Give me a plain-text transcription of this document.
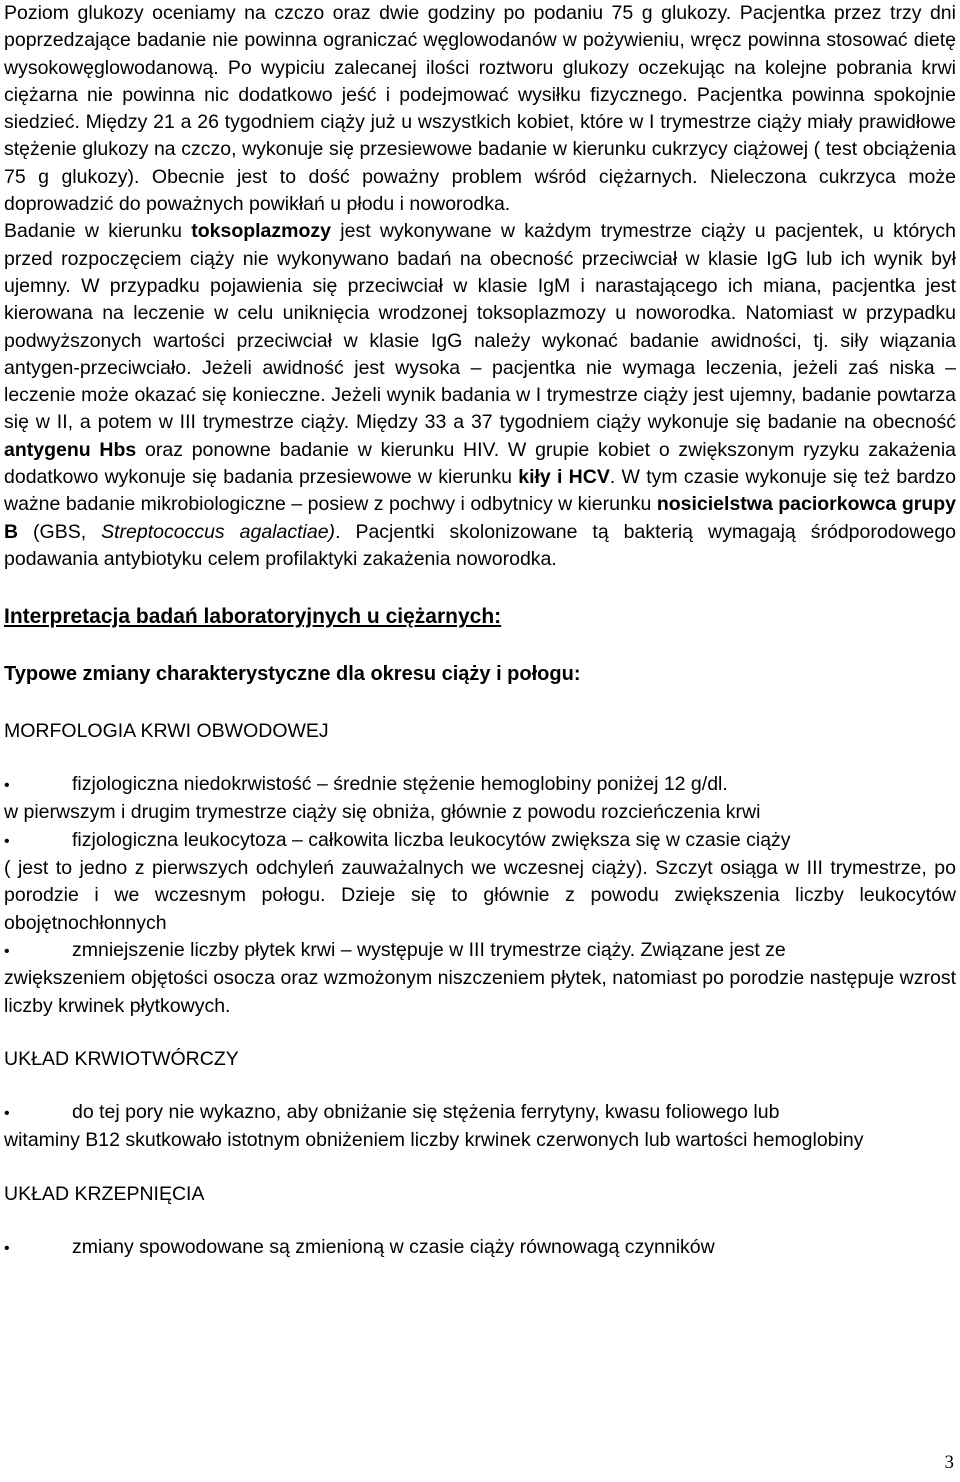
Poziom glukozy oceniamy na czczo oraz dwie godziny po podaniu 75 g glukozy. Pacjentka przez trzy dni poprzedzające badanie nie powinna ograniczać węglowodanów w pożywieniu, wręcz powinna stosować dietę wysokowęglowodanową. Po wypiciu zalecanej ilości roztworu glukozy oczekując na kolejne pobrania krwi ciężarna nie powinna nic dodatkowo jeść i podejmować wysiłku fizycznego. Pacjentka powinna spokojnie siedzieć. Między 21 a 26 tygodniem ciąży już u wszystkich kobiet, które w I trymestrze ciąży miały prawidłowe stężenie glukozy na czczo, wykonuje się przesiewowe badanie w kierunku cukrzycy ciążowej ( test obciążenia 75 g glukozy). Obecnie jest to dość poważny problem wśród ciężarnych. Nieleczona cukrzyca może doprowadzić do poważnych powikłań u płodu i noworodka.

Badanie w kierunku toksoplazmozy jest wykonywane w każdym trymestrze ciąży u pacjentek, u których przed rozpoczęciem ciąży nie wykonywano badań na obecność przeciwciał w klasie IgG lub ich wynik był ujemny. W przypadku pojawienia się przeciwciał w klasie IgM i narastającego ich miana, pacjentka jest kierowana na leczenie w celu uniknięcia wrodzonej toksoplazmozy u noworodka. Natomiast w przypadku podwyższonych wartości przeciwciał w klasie IgG należy wykonać badanie awidności, tj. siły wiązania antygen-przeciwciało. Jeżeli awidność jest wysoka – pacjentka nie wymaga leczenia, jeżeli zaś niska – leczenie może okazać się konieczne. Jeżeli wynik badania w I trymestrze ciąży jest ujemny, badanie powtarza się w II, a potem w III trymestrze ciąży. Między 33 a 37 tygodniem ciąży wykonuje się badanie na obecność antygenu Hbs oraz ponowne badanie w kierunku HIV. W grupie kobiet o zwiększonym ryzyku zakażenia dodatkowo wykonuje się badania przesiewowe w kierunku kiły i HCV. W tym czasie wykonuje się też bardzo ważne badanie mikrobiologiczne – posiew z pochwy i odbytnicy w kierunku nosicielstwa paciorkowca grupy B (GBS, Streptococcus agalactiae). Pacjentki skolonizowane tą bakterią wymagają śródporodowego podawania antybiotyku celem profilaktyki zakażenia noworodka.

Interpretacja badań laboratoryjnych u ciężarnych:
Typowe zmiany charakterystyczne dla okresu ciąży i połogu:
MORFOLOGIA KRWI OBWODOWEJ
•	fizjologiczna niedokrwistość – średnie stężenie hemoglobiny poniżej 12 g/dl.

w pierwszym i drugim trymestrze ciąży się obniża, głównie z powodu rozcieńczenia krwi

•	fizjologiczna leukocytoza – całkowita liczba leukocytów zwiększa się w czasie ciąży

( jest to jedno z pierwszych odchyleń zauważalnych we wczesnej ciąży). Szczyt osiąga w III trymestrze, po porodzie i we wczesnym połogu. Dzieje się to głównie z powodu zwiększenia liczby leukocytów obojętnochłonnych

•	zmniejszenie liczby płytek krwi – występuje w III trymestrze ciąży. Związane jest ze

zwiększeniem objętości osocza oraz wzmożonym niszczeniem płytek, natomiast po porodzie następuje wzrost liczby krwinek płytkowych.

UKŁAD KRWIOTWÓRCZY
•	do tej pory nie wykazno, aby obniżanie się stężenia ferrytyny, kwasu foliowego lub

witaminy B12 skutkowało istotnym obniżeniem liczby krwinek czerwonych lub wartości hemoglobiny

UKŁAD KRZEPNIĘCIA
•	zmiany spowodowane są zmienioną w czasie ciąży równowagą czynników
3
